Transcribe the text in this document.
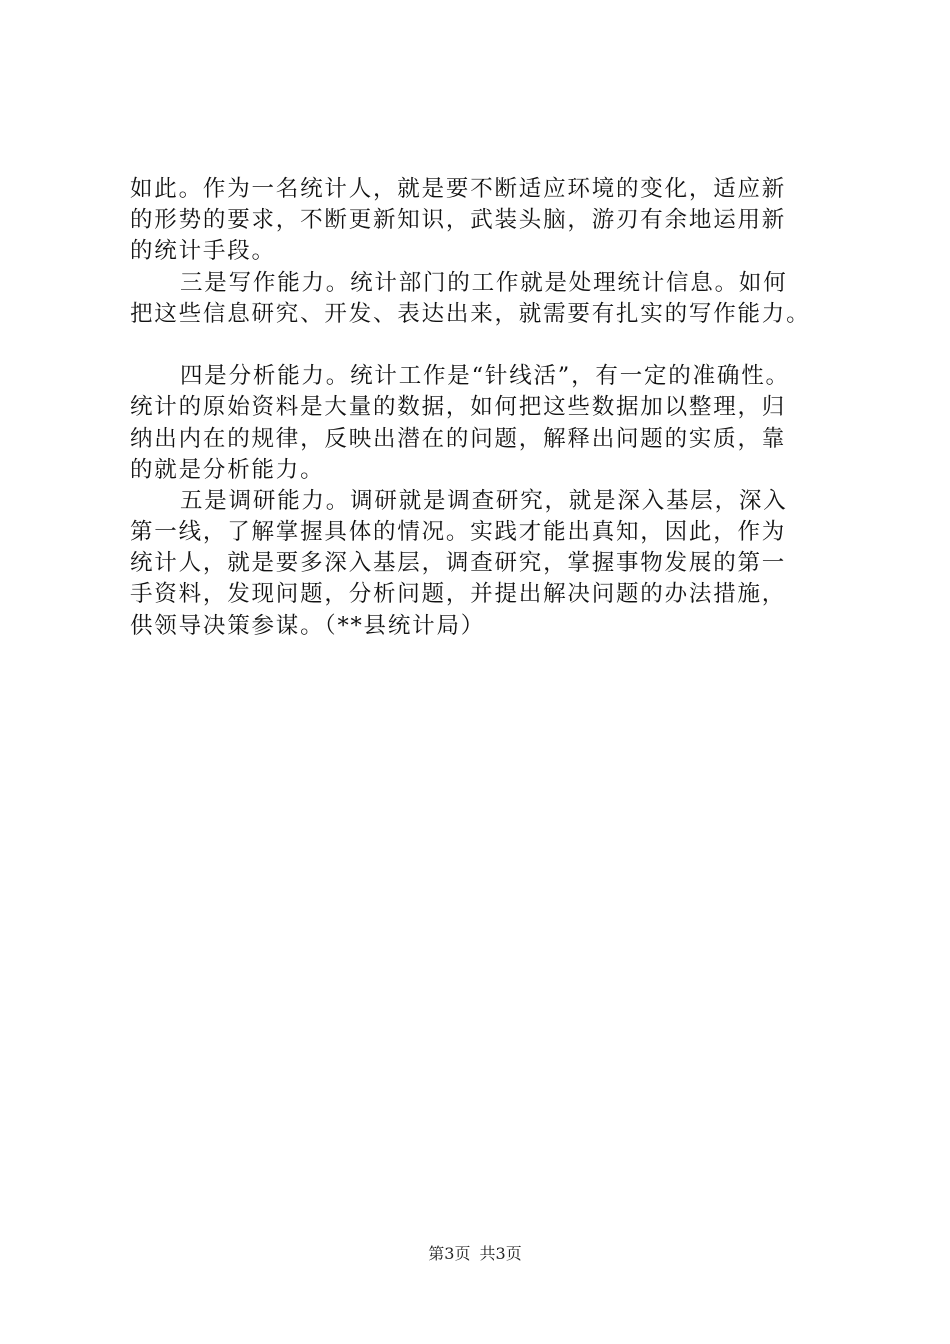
如此。作为一名统计人，就是要不断适应环境的变化，适应新
的形势的要求，不断更新知识，武装头脑，游刃有余地运用新
的统计手段。
三是写作能力。统计部门的工作就是处理统计信息。如何
把这些信息研究、开发、表达出来，就需要有扎实的写作能力。
四是分析能力。统计工作是“针线活”，有一定的准确性。
统计的原始资料是大量的数据，如何把这些数据加以整理，归
纳出内在的规律，反映出潜在的问题，解释出问题的实质，靠
的就是分析能力。
五是调研能力。调研就是调查研究，就是深入基层，深入
第一线，了解掌握具体的情况。实践才能出真知，因此，作为
统计人，就是要多深入基层，调查研究，掌握事物发展的第一
手资料，发现问题，分析问题，并提出解决问题的办法措施，
供领导决策参谋。（**县统计局）
第3页 共3页
